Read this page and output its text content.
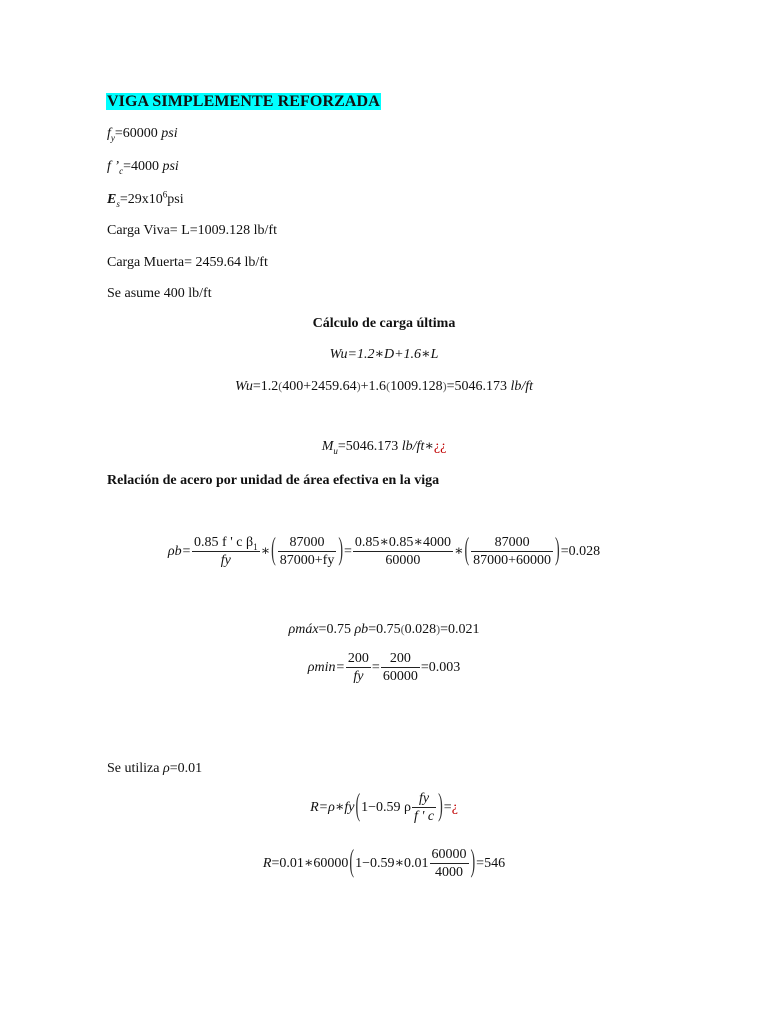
VIGA SIMPLEMENTE REFORZADA
$f_y=60000$ psi
f $’_c=4000$ psi
$E_s=29x10^6psi$
Carga Viva= L=1009.128 lb/ft
Carga Muerta= 2459.64 lb/ft
Se asume 400 lb/ft
Cálculo de carga última
Wu=1.2∗D+1.6∗L
Wu=1.2(400+2459.64)+1.6(1009.128)=5046.173 lb/ft
$M_u=5046.173$ lb/ft∗¿¿
Relación de acero por unidad de área efectiva en la viga
$\rho b= \frac{0.85 f ' c \beta_1}{fy}$ ∗ ( $\frac{87000}{87000+fy}$ ) = $\frac{0.85∗0.85∗4000}{60000}$ ∗ ( $\frac{87000}{87000+60000}$ ) =0.028
ρmáx=0.75 ρb=0.75(0.028)=0.021
$\rho\min= \frac{200}{fy} = \frac{200}{60000} =0.003$
Se utiliza ρ=0.01
R= ρ∗fy ( 1−0.59 ρ $\frac{fy}{f ' c}$ ) = ¿
R =0.01∗60000 ( 1−0.59∗0.01 $\frac{60000}{4000}$ ) =546
